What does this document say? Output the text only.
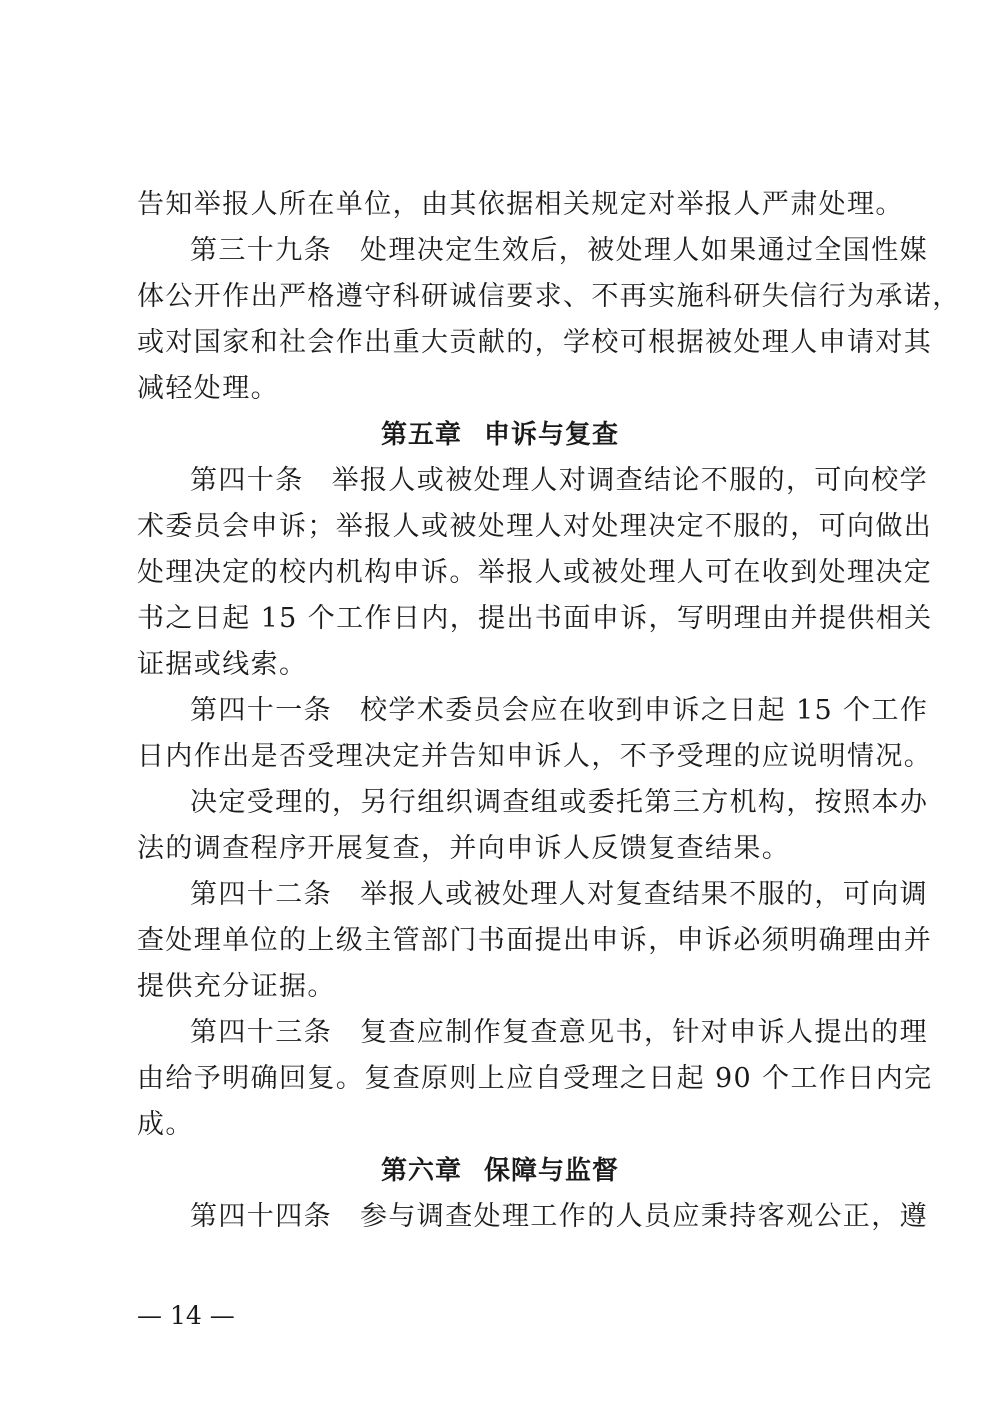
告知举报人所在单位，由其依据相关规定对举报人严肃处理。
第三十九条 处理决定生效后，被处理人如果通过全国性媒
体公开作出严格遵守科研诚信要求、不再实施科研失信行为承诺，
或对国家和社会作出重大贡献的，学校可根据被处理人申请对其
减轻处理。
第五章 申诉与复查
第四十条 举报人或被处理人对调查结论不服的，可向校学
术委员会申诉；举报人或被处理人对处理决定不服的，可向做出
处理决定的校内机构申诉。举报人或被处理人可在收到处理决定
书之日起 15 个工作日内，提出书面申诉，写明理由并提供相关
证据或线索。
第四十一条 校学术委员会应在收到申诉之日起 15 个工作
日内作出是否受理决定并告知申诉人，不予受理的应说明情况。
决定受理的，另行组织调查组或委托第三方机构，按照本办
法的调查程序开展复查，并向申诉人反馈复查结果。
第四十二条 举报人或被处理人对复查结果不服的，可向调
查处理单位的上级主管部门书面提出申诉，申诉必须明确理由并
提供充分证据。
第四十三条 复查应制作复查意见书，针对申诉人提出的理
由给予明确回复。复查原则上应自受理之日起 90 个工作日内完
成。
第六章 保障与监督
第四十四条 参与调查处理工作的人员应秉持客观公正，遵
— 14 —
